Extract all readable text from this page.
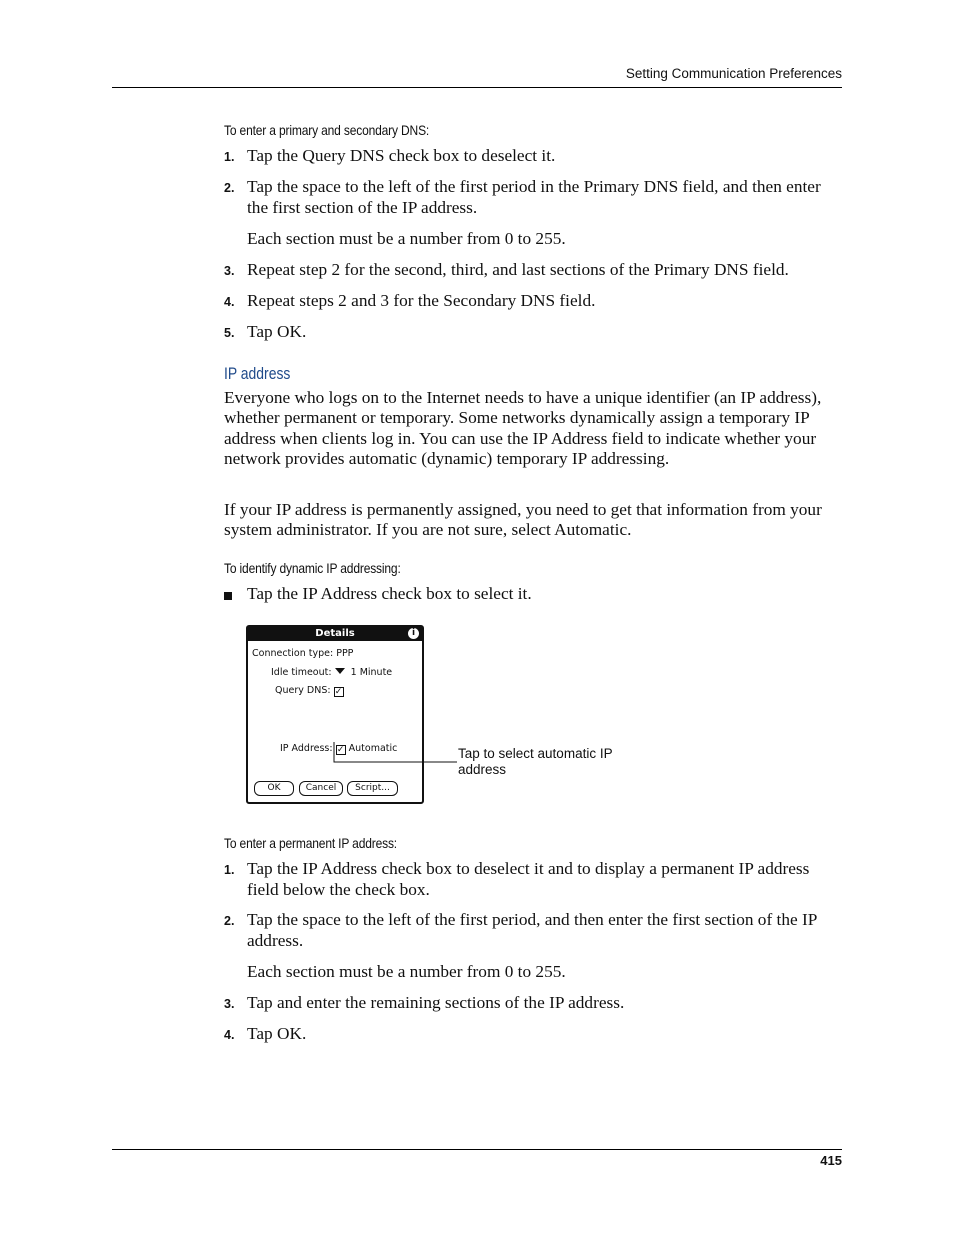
Setting Communication Preferences
To enter a primary and secondary DNS:
1. Tap the Query DNS check box to deselect it.
2. Tap the space to the left of the first period in the Primary DNS field, and then enter the first section of the IP address.
Each section must be a number from 0 to 255.
3. Repeat step 2 for the second, third, and last sections of the Primary DNS field.
4. Repeat steps 2 and 3 for the Secondary DNS field.
5. Tap OK.
IP address
Everyone who logs on to the Internet needs to have a unique identifier (an IP address), whether permanent or temporary. Some networks dynamically assign a temporary IP address when clients log in. You can use the IP Address field to indicate whether your network provides automatic (dynamic) temporary IP addressing.
If your IP address is permanently assigned, you need to get that information from your system administrator. If you are not sure, select Automatic.
To identify dynamic IP addressing:
Tap the IP Address check box to select it.
Details	i
Connection type: PPP
Idle timeout: 1 Minute
Query DNS: ✓
IP Address: ✓ Automatic
OK	Cancel	Script...
Tap to select automatic IP address
To enter a permanent IP address:
1. Tap the IP Address check box to deselect it and to display a permanent IP address field below the check box.
2. Tap the space to the left of the first period, and then enter the first section of the IP address.
Each section must be a number from 0 to 255.
3. Tap and enter the remaining sections of the IP address.
4. Tap OK.
415
